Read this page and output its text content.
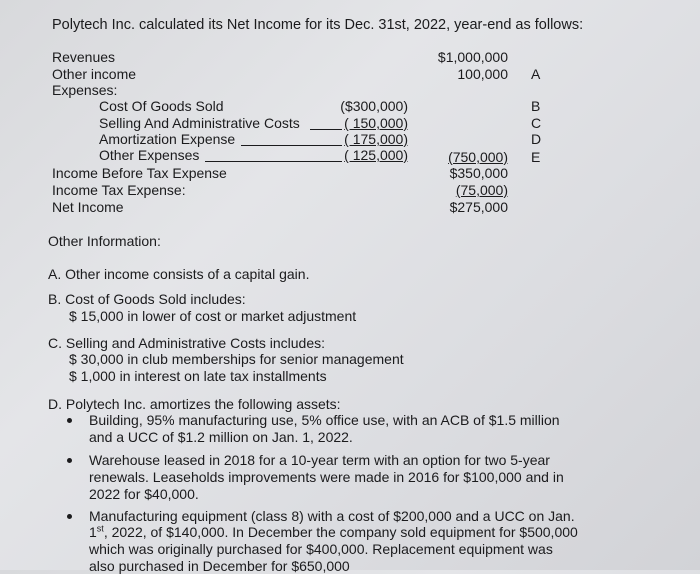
Polytech Inc. calculated its Net Income for its Dec. 31st, 2022, year-end as follows:
Revenues	$1,000,000
Other income	100,000 A
Expenses:
Cost Of Goods Sold	($300,000)	B
Selling And Administrative Costs	( 150,000)	C
Amortization Expense	( 175,000)	D
Other Expenses	( 125,000)	(750,000) E
Income Before Tax Expense	$350,000
Income Tax Expense:	(75,000)
Net Income	$275,000
Other Information:
A. Other income consists of a capital gain.
B. Cost of Goods Sold includes:
$ 15,000 in lower of cost or market adjustment
C. Selling and Administrative Costs includes:
$ 30,000 in club memberships for senior management
$ 1,000 in interest on late tax installments
D. Polytech Inc. amortizes the following assets:
Building, 95% manufacturing use, 5% office use, with an ACB of $1.5 million
and a UCC of $1.2 million on Jan. 1, 2022.
Warehouse leased in 2018 for a 10-year term with an option for two 5-year
renewals. Leaseholds improvements were made in 2016 for $100,000 and in
2022 for $40,000.
Manufacturing equipment (class 8) with a cost of $200,000 and a UCC on Jan.
1st, 2022, of $140,000. In December the company sold equipment for $500,000
which was originally purchased for $400,000. Replacement equipment was
also purchased in December for $650,000
